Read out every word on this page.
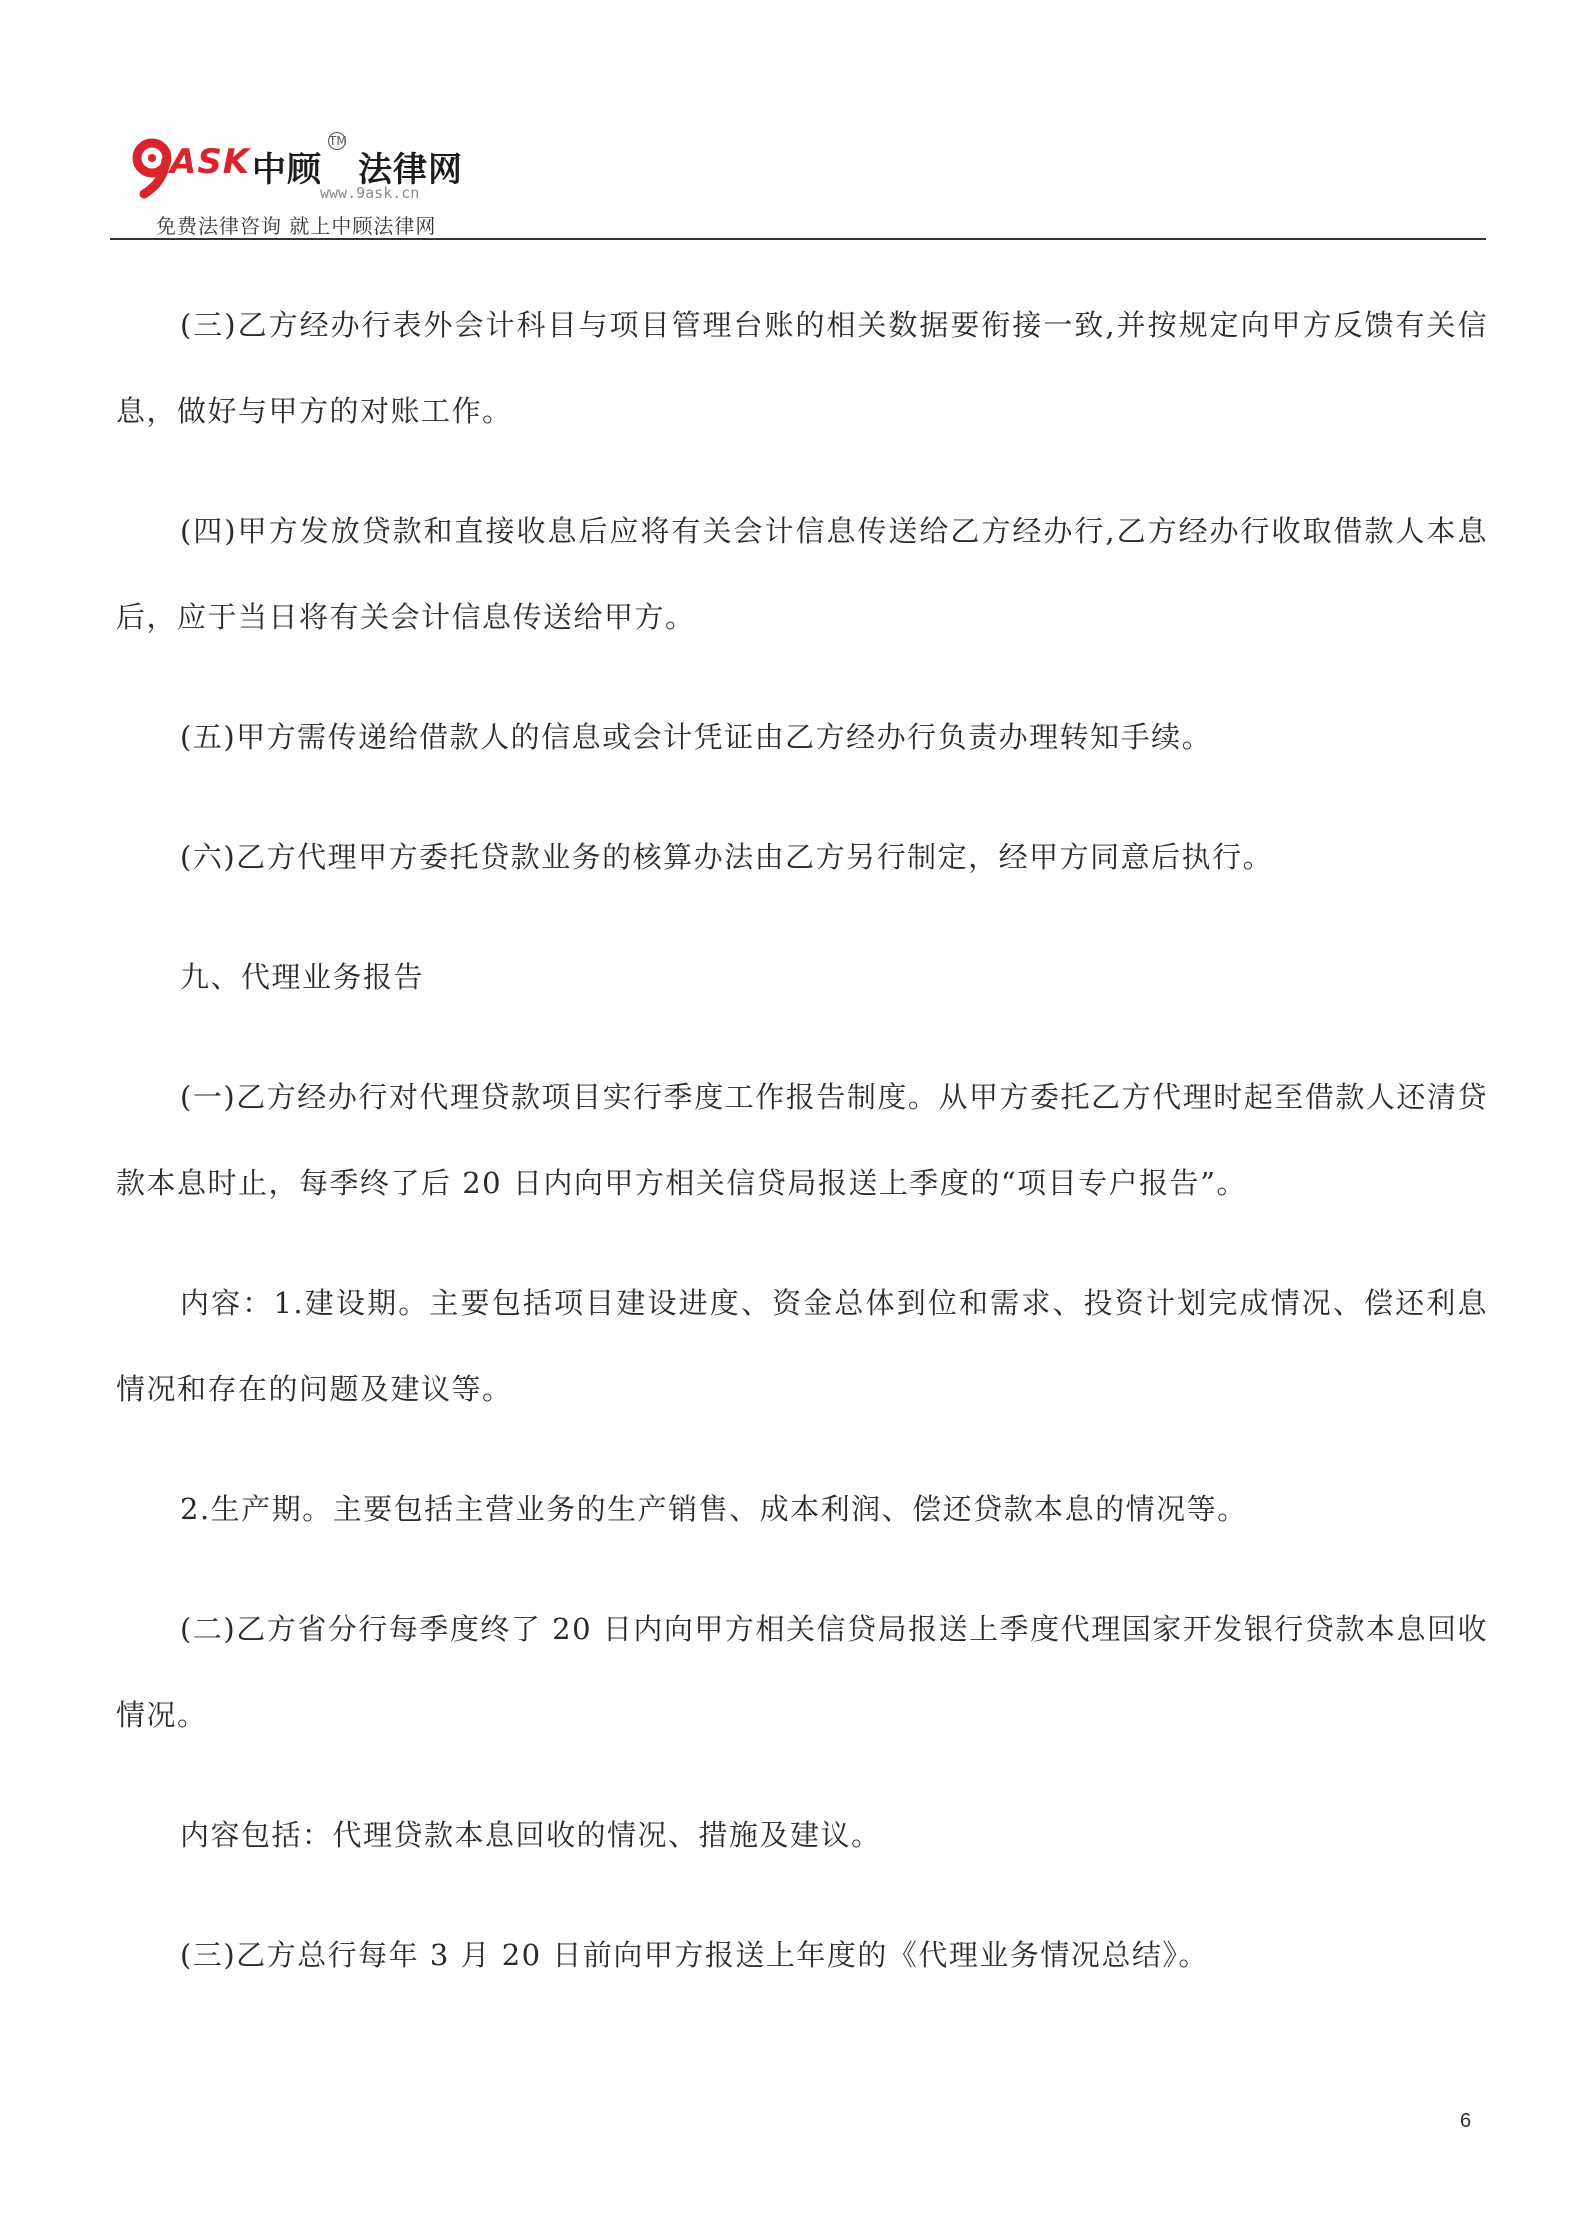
ASK 中顾
TM
法律网
www.9ask.cn
免费法律咨询 就上中顾法律网

(三)乙方经办行表外会计科目与项目管理台账的相关数据要衔接一致,并按规定向甲方反馈有关信息，做好与甲方的对账工作。

(四)甲方发放贷款和直接收息后应将有关会计信息传送给乙方经办行,乙方经办行收取借款人本息后，应于当日将有关会计信息传送给甲方。

(五)甲方需传递给借款人的信息或会计凭证由乙方经办行负责办理转知手续。

(六)乙方代理甲方委托贷款业务的核算办法由乙方另行制定，经甲方同意后执行。

九、代理业务报告

(一)乙方经办行对代理贷款项目实行季度工作报告制度。从甲方委托乙方代理时起至借款人还清贷款本息时止，每季终了后 20 日内向甲方相关信贷局报送上季度的“项目专户报告”。

内容：1.建设期。主要包括项目建设进度、资金总体到位和需求、投资计划完成情况、偿还利息情况和存在的问题及建议等。

2.生产期。主要包括主营业务的生产销售、成本利润、偿还贷款本息的情况等。

(二)乙方省分行每季度终了 20 日内向甲方相关信贷局报送上季度代理国家开发银行贷款本息回收情况。

内容包括：代理贷款本息回收的情况、措施及建议。

(三)乙方总行每年 3 月 20 日前向甲方报送上年度的《代理业务情况总结》。

6
